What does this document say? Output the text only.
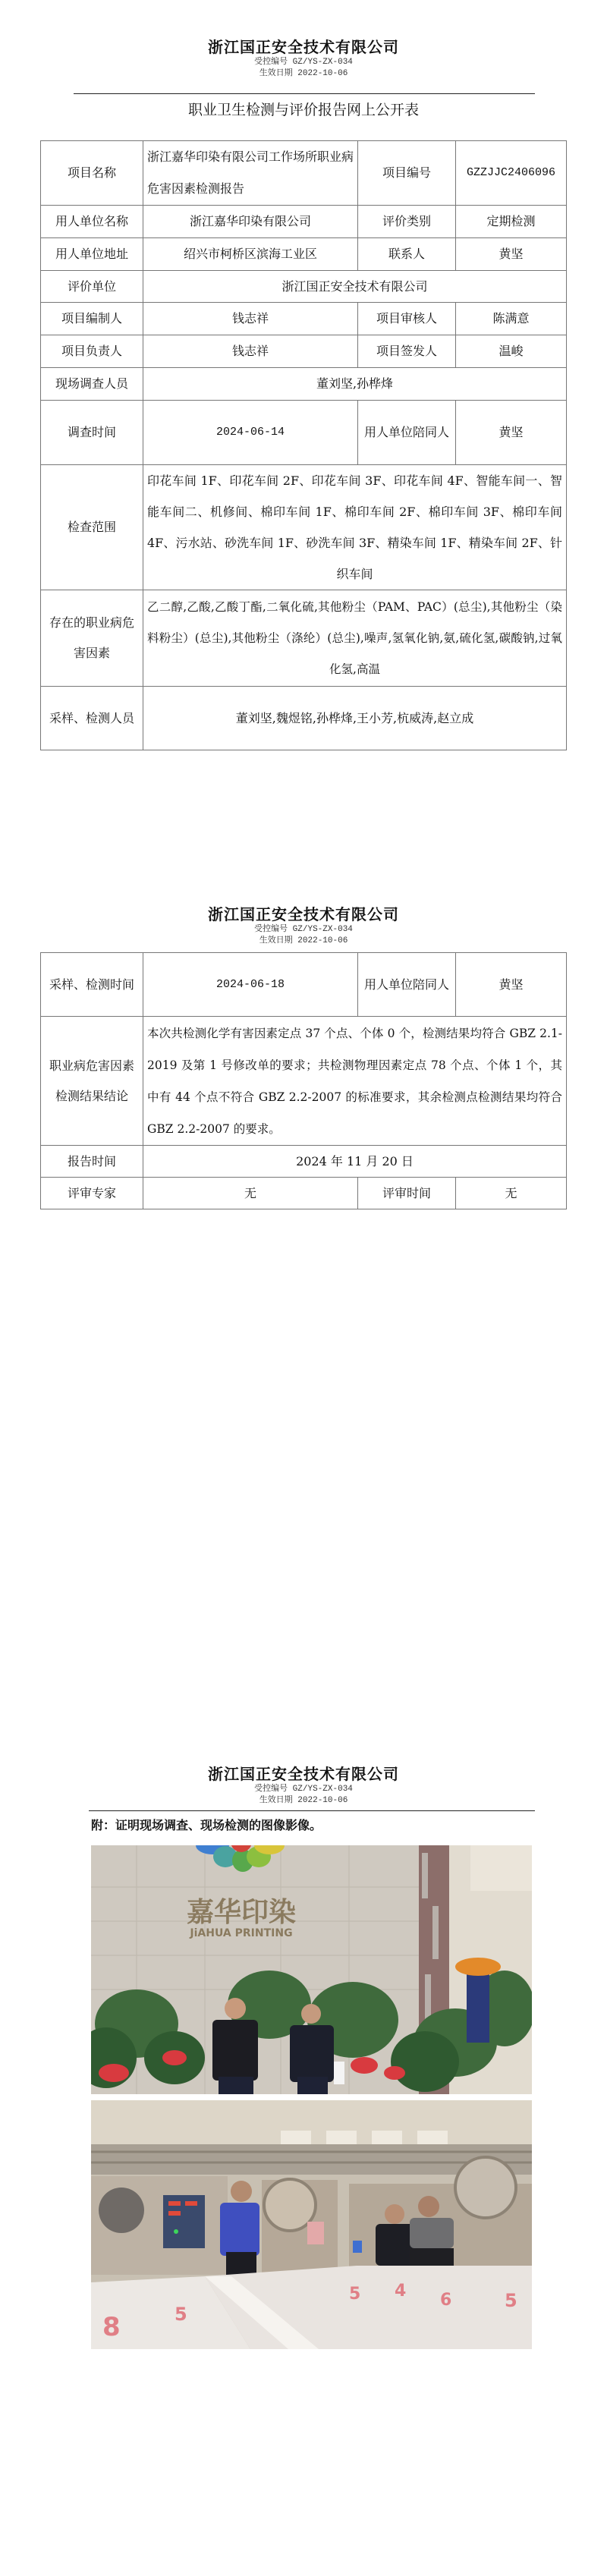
浙江国正安全技术有限公司
受控编号 GZ/YS-ZX-034
生效日期 2022-10-06
职业卫生检测与评价报告网上公开表
项目名称	浙江嘉华印染有限公司工作场所职业病危害因素检测报告	项目编号	GZZJJC2406096
用人单位名称	浙江嘉华印染有限公司	评价类别	定期检测
用人单位地址	绍兴市柯桥区滨海工业区	联系人	黄坚
评价单位	浙江国正安全技术有限公司		
项目编制人	钱志祥	项目审核人	陈满意
项目负责人	钱志祥	项目签发人	温峻
现场调查人员	董刘坚,孙桦烽		
调查时间	2024-06-14	用人单位陪同人	黄坚
检查范围	印花车间 1F、印花车间 2F、印花车间 3F、印花车间 4F、智能车间一、智能车间二、机修间、棉印车间 1F、棉印车间 2F、棉印车间 3F、棉印车间 4F、污水站、砂洗车间 1F、砂洗车间 3F、精染车间 1F、精染车间 2F、针织车间		
存在的职业病危害因素	乙二醇,乙酸,乙酸丁酯,二氧化硫,其他粉尘（PAM、PAC）(总尘),其他粉尘（染料粉尘）(总尘),其他粉尘（涤纶）(总尘),噪声,氢氧化钠,氨,硫化氢,碳酸钠,过氧化氢,高温		
采样、检测人员	董刘坚,魏煜铭,孙桦烽,王小芳,杭威涛,赵立成		
浙江国正安全技术有限公司
受控编号 GZ/YS-ZX-034
生效日期 2022-10-06
采样、检测时间	2024-06-18	用人单位陪同人	黄坚
职业病危害因素检测结果结论	本次共检测化学有害因素定点 37 个点、个体 0 个，检测结果均符合 GBZ 2.1-2019 及第 1 号修改单的要求；共检测物理因素定点 78 个点、个体 1 个，其中有 44 个点不符合 GBZ 2.2-2007 的标准要求，其余检测点检测结果均符合 GBZ 2.2-2007 的要求。		
报告时间	2024 年 11 月 20 日		
评审专家	无	评审时间	无
浙江国正安全技术有限公司
受控编号 GZ/YS-ZX-034
生效日期 2022-10-06
附：证明现场调查、现场检测的图像影像。
嘉华印染
JiAHUA PRINTING
8	5
5 4 6	5
